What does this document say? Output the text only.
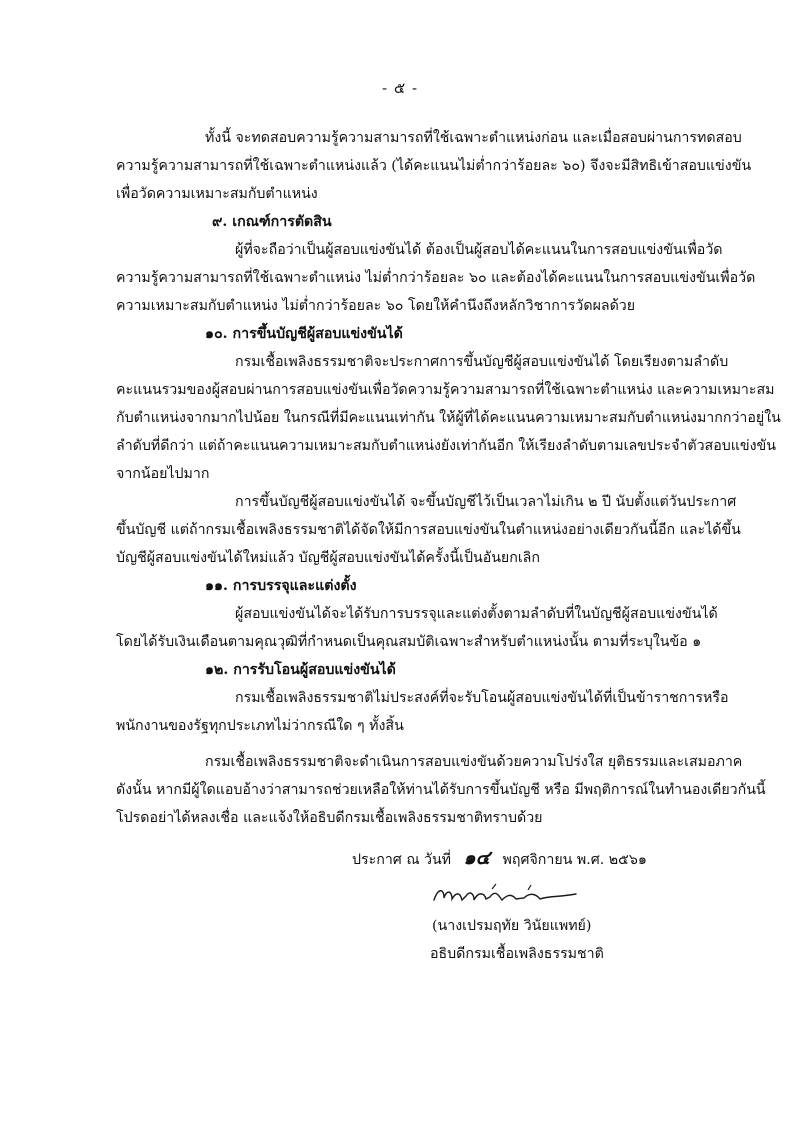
- ๕ -
ทั้งนี้ จะทดสอบความรู้ความสามารถที่ใช้เฉพาะตำแหน่งก่อน และเมื่อสอบผ่านการทดสอบ
ความรู้ความสามารถที่ใช้เฉพาะตำแหน่งแล้ว (ได้คะแนนไม่ต่ำกว่าร้อยละ ๖๐) จึงจะมีสิทธิเข้าสอบแข่งขัน
เพื่อวัดความเหมาะสมกับตำแหน่ง
๙. เกณฑ์การตัดสิน
ผู้ที่จะถือว่าเป็นผู้สอบแข่งขันได้ ต้องเป็นผู้สอบได้คะแนนในการสอบแข่งขันเพื่อวัด
ความรู้ความสามารถที่ใช้เฉพาะตำแหน่ง ไม่ต่ำกว่าร้อยละ ๖๐ และต้องได้คะแนนในการสอบแข่งขันเพื่อวัด
ความเหมาะสมกับตำแหน่ง ไม่ต่ำกว่าร้อยละ ๖๐ โดยให้คำนึงถึงหลักวิชาการวัดผลด้วย
๑๐. การขึ้นบัญชีผู้สอบแข่งขันได้
กรมเชื้อเพลิงธรรมชาติจะประกาศการขึ้นบัญชีผู้สอบแข่งขันได้ โดยเรียงตามลำดับ
คะแนนรวมของผู้สอบผ่านการสอบแข่งขันเพื่อวัดความรู้ความสามารถที่ใช้เฉพาะตำแหน่ง และความเหมาะสม
กับตำแหน่งจากมากไปน้อย ในกรณีที่มีคะแนนเท่ากัน ให้ผู้ที่ได้คะแนนความเหมาะสมกับตำแหน่งมากกว่าอยู่ใน
ลำดับที่ดีกว่า แต่ถ้าคะแนนความเหมาะสมกับตำแหน่งยังเท่ากันอีก ให้เรียงลำดับตามเลขประจำตัวสอบแข่งขัน
จากน้อยไปมาก
การขึ้นบัญชีผู้สอบแข่งขันได้ จะขึ้นบัญชีไว้เป็นเวลาไม่เกิน ๒ ปี นับตั้งแต่วันประกาศ
ขึ้นบัญชี แต่ถ้ากรมเชื้อเพลิงธรรมชาติได้จัดให้มีการสอบแข่งขันในตำแหน่งอย่างเดียวกันนี้อีก และได้ขึ้น
บัญชีผู้สอบแข่งขันได้ใหม่แล้ว บัญชีผู้สอบแข่งขันได้ครั้งนี้เป็นอันยกเลิก
๑๑. การบรรจุและแต่งตั้ง
ผู้สอบแข่งขันได้จะได้รับการบรรจุและแต่งตั้งตามลำดับที่ในบัญชีผู้สอบแข่งขันได้
โดยได้รับเงินเดือนตามคุณวุฒิที่กำหนดเป็นคุณสมบัติเฉพาะสำหรับตำแหน่งนั้น ตามที่ระบุในข้อ ๑
๑๒. การรับโอนผู้สอบแข่งขันได้
กรมเชื้อเพลิงธรรมชาติไม่ประสงค์ที่จะรับโอนผู้สอบแข่งขันได้ที่เป็นข้าราชการหรือ
พนักงานของรัฐทุกประเภทไม่ว่ากรณีใด ๆ ทั้งสิ้น
กรมเชื้อเพลิงธรรมชาติจะดำเนินการสอบแข่งขันด้วยความโปร่งใส ยุติธรรมและเสมอภาค
ดังนั้น หากมีผู้ใดแอบอ้างว่าสามารถช่วยเหลือให้ท่านได้รับการขึ้นบัญชี หรือ มีพฤติการณ์ในทำนองเดียวกันนี้
โปรดอย่าได้หลงเชื่อ และแจ้งให้อธิบดีกรมเชื้อเพลิงธรรมชาติทราบด้วย
ประกาศ ณ วันที่ ๑๔ พฤศจิกายน พ.ศ. ๒๕๖๑
(นางเปรมฤทัย วินัยแพทย์)
อธิบดีกรมเชื้อเพลิงธรรมชาติ
